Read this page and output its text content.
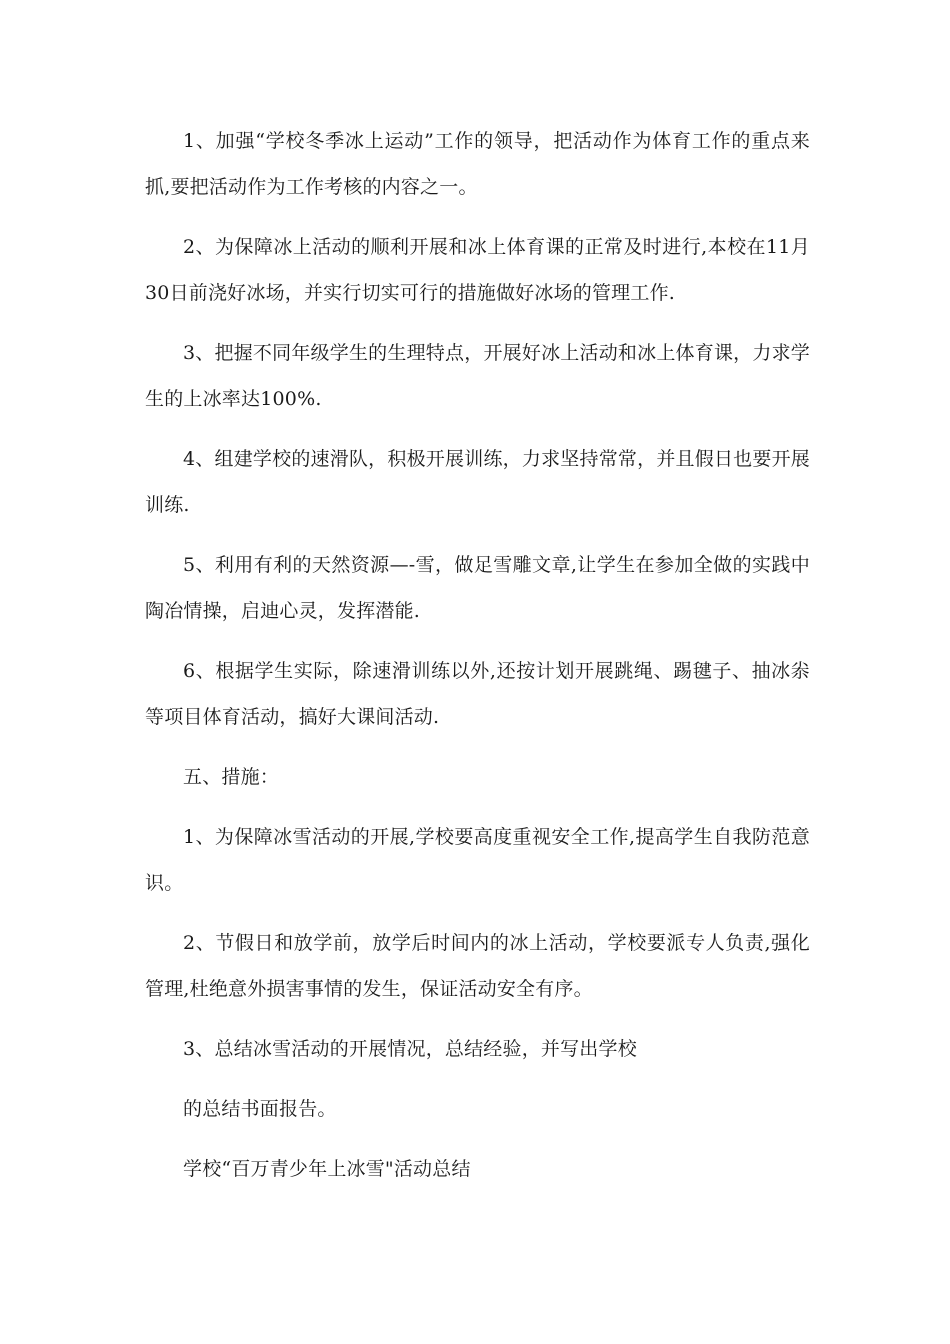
1、加强“学校冬季冰上运动”工作的领导，把活动作为体育工作的重点来抓,要把活动作为工作考核的内容之一。

2、为保障冰上活动的顺利开展和冰上体育课的正常及时进行,本校在11月30日前浇好冰场，并实行切实可行的措施做好冰场的管理工作.

3、把握不同年级学生的生理特点，开展好冰上活动和冰上体育课，力求学生的上冰率达100%.

4、组建学校的速滑队，积极开展训练，力求坚持常常，并且假日也要开展训练.

5、利用有利的天然资源—-雪，做足雪雕文章,让学生在参加全做的实践中陶冶情操，启迪心灵，发挥潜能.

6、根据学生实际，除速滑训练以外,还按计划开展跳绳、踢毽子、抽冰尜等项目体育活动，搞好大课间活动.

五、措施：

1、为保障冰雪活动的开展,学校要高度重视安全工作,提高学生自我防范意识。

2、节假日和放学前，放学后时间内的冰上活动，学校要派专人负责,强化管理,杜绝意外损害事情的发生，保证活动安全有序。

3、总结冰雪活动的开展情况，总结经验，并写出学校

的总结书面报告。

学校“百万青少年上冰雪"活动总结
